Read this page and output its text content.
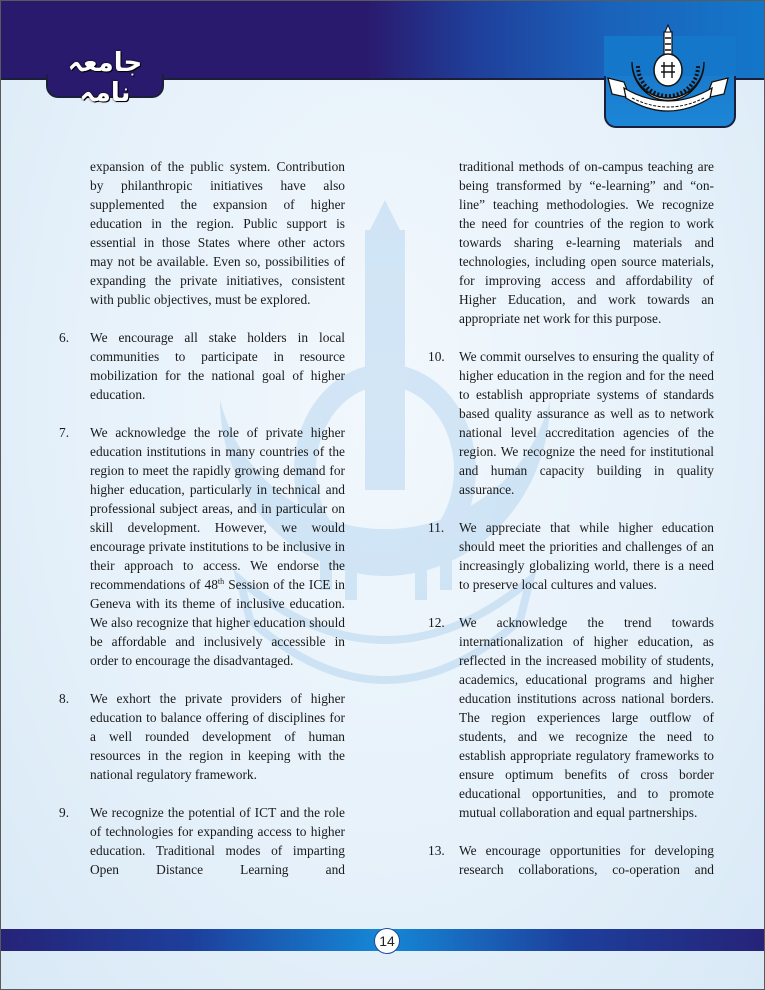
جامعہ نامہ

expansion of the public system. Contribution by philanthropic initiatives have also supplemented the expansion of higher education in the region. Public support is essential in those States where other actors may not be available. Even so, possibilities of expanding the private initiatives, consistent with public objectives, must be explored.

6. We encourage all stake holders in local communities to participate in resource mobilization for the national goal of higher education.

7. We acknowledge the role of private higher education institutions in many countries of the region to meet the rapidly growing demand for higher education, particularly in technical and professional subject areas, and in particular on skill development. However, we would encourage private institutions to be inclusive in their approach to access. We endorse the recommendations of 48th Session of the ICE in Geneva with its theme of inclusive education. We also recognize that higher education should be affordable and inclusively accessible in order to encourage the disadvantaged.

8. We exhort the private providers of higher education to balance offering of disciplines for a well rounded development of human resources in the region in keeping with the national regulatory framework.

9. We recognize the potential of ICT and the role of technologies for expanding access to higher education. Traditional modes of imparting Open Distance Learning and

traditional methods of on-campus teaching are being transformed by “e-learning” and “on-line” teaching methodologies. We recognize the need for countries of the region to work towards sharing e-learning materials and technologies, including open source materials, for improving access and affordability of Higher Education, and work towards an appropriate net work for this purpose.

10. We commit ourselves to ensuring the quality of higher education in the region and for the need to establish appropriate systems of standards based quality assurance as well as to network national level accreditation agencies of the region. We recognize the need for institutional and human capacity building in quality assurance.

11. We appreciate that while higher education should meet the priorities and challenges of an increasingly globalizing world, there is a need to preserve local cultures and values.

12. We acknowledge the trend towards internationalization of higher education, as reflected in the increased mobility of students, academics, educational programs and higher education institutions across national borders. The region experiences large outflow of students, and we recognize the need to establish appropriate regulatory frameworks to ensure optimum benefits of cross border educational opportunities, and to promote mutual collaboration and equal partnerships.

13. We encourage opportunities for developing research collaborations, co-operation and

14
